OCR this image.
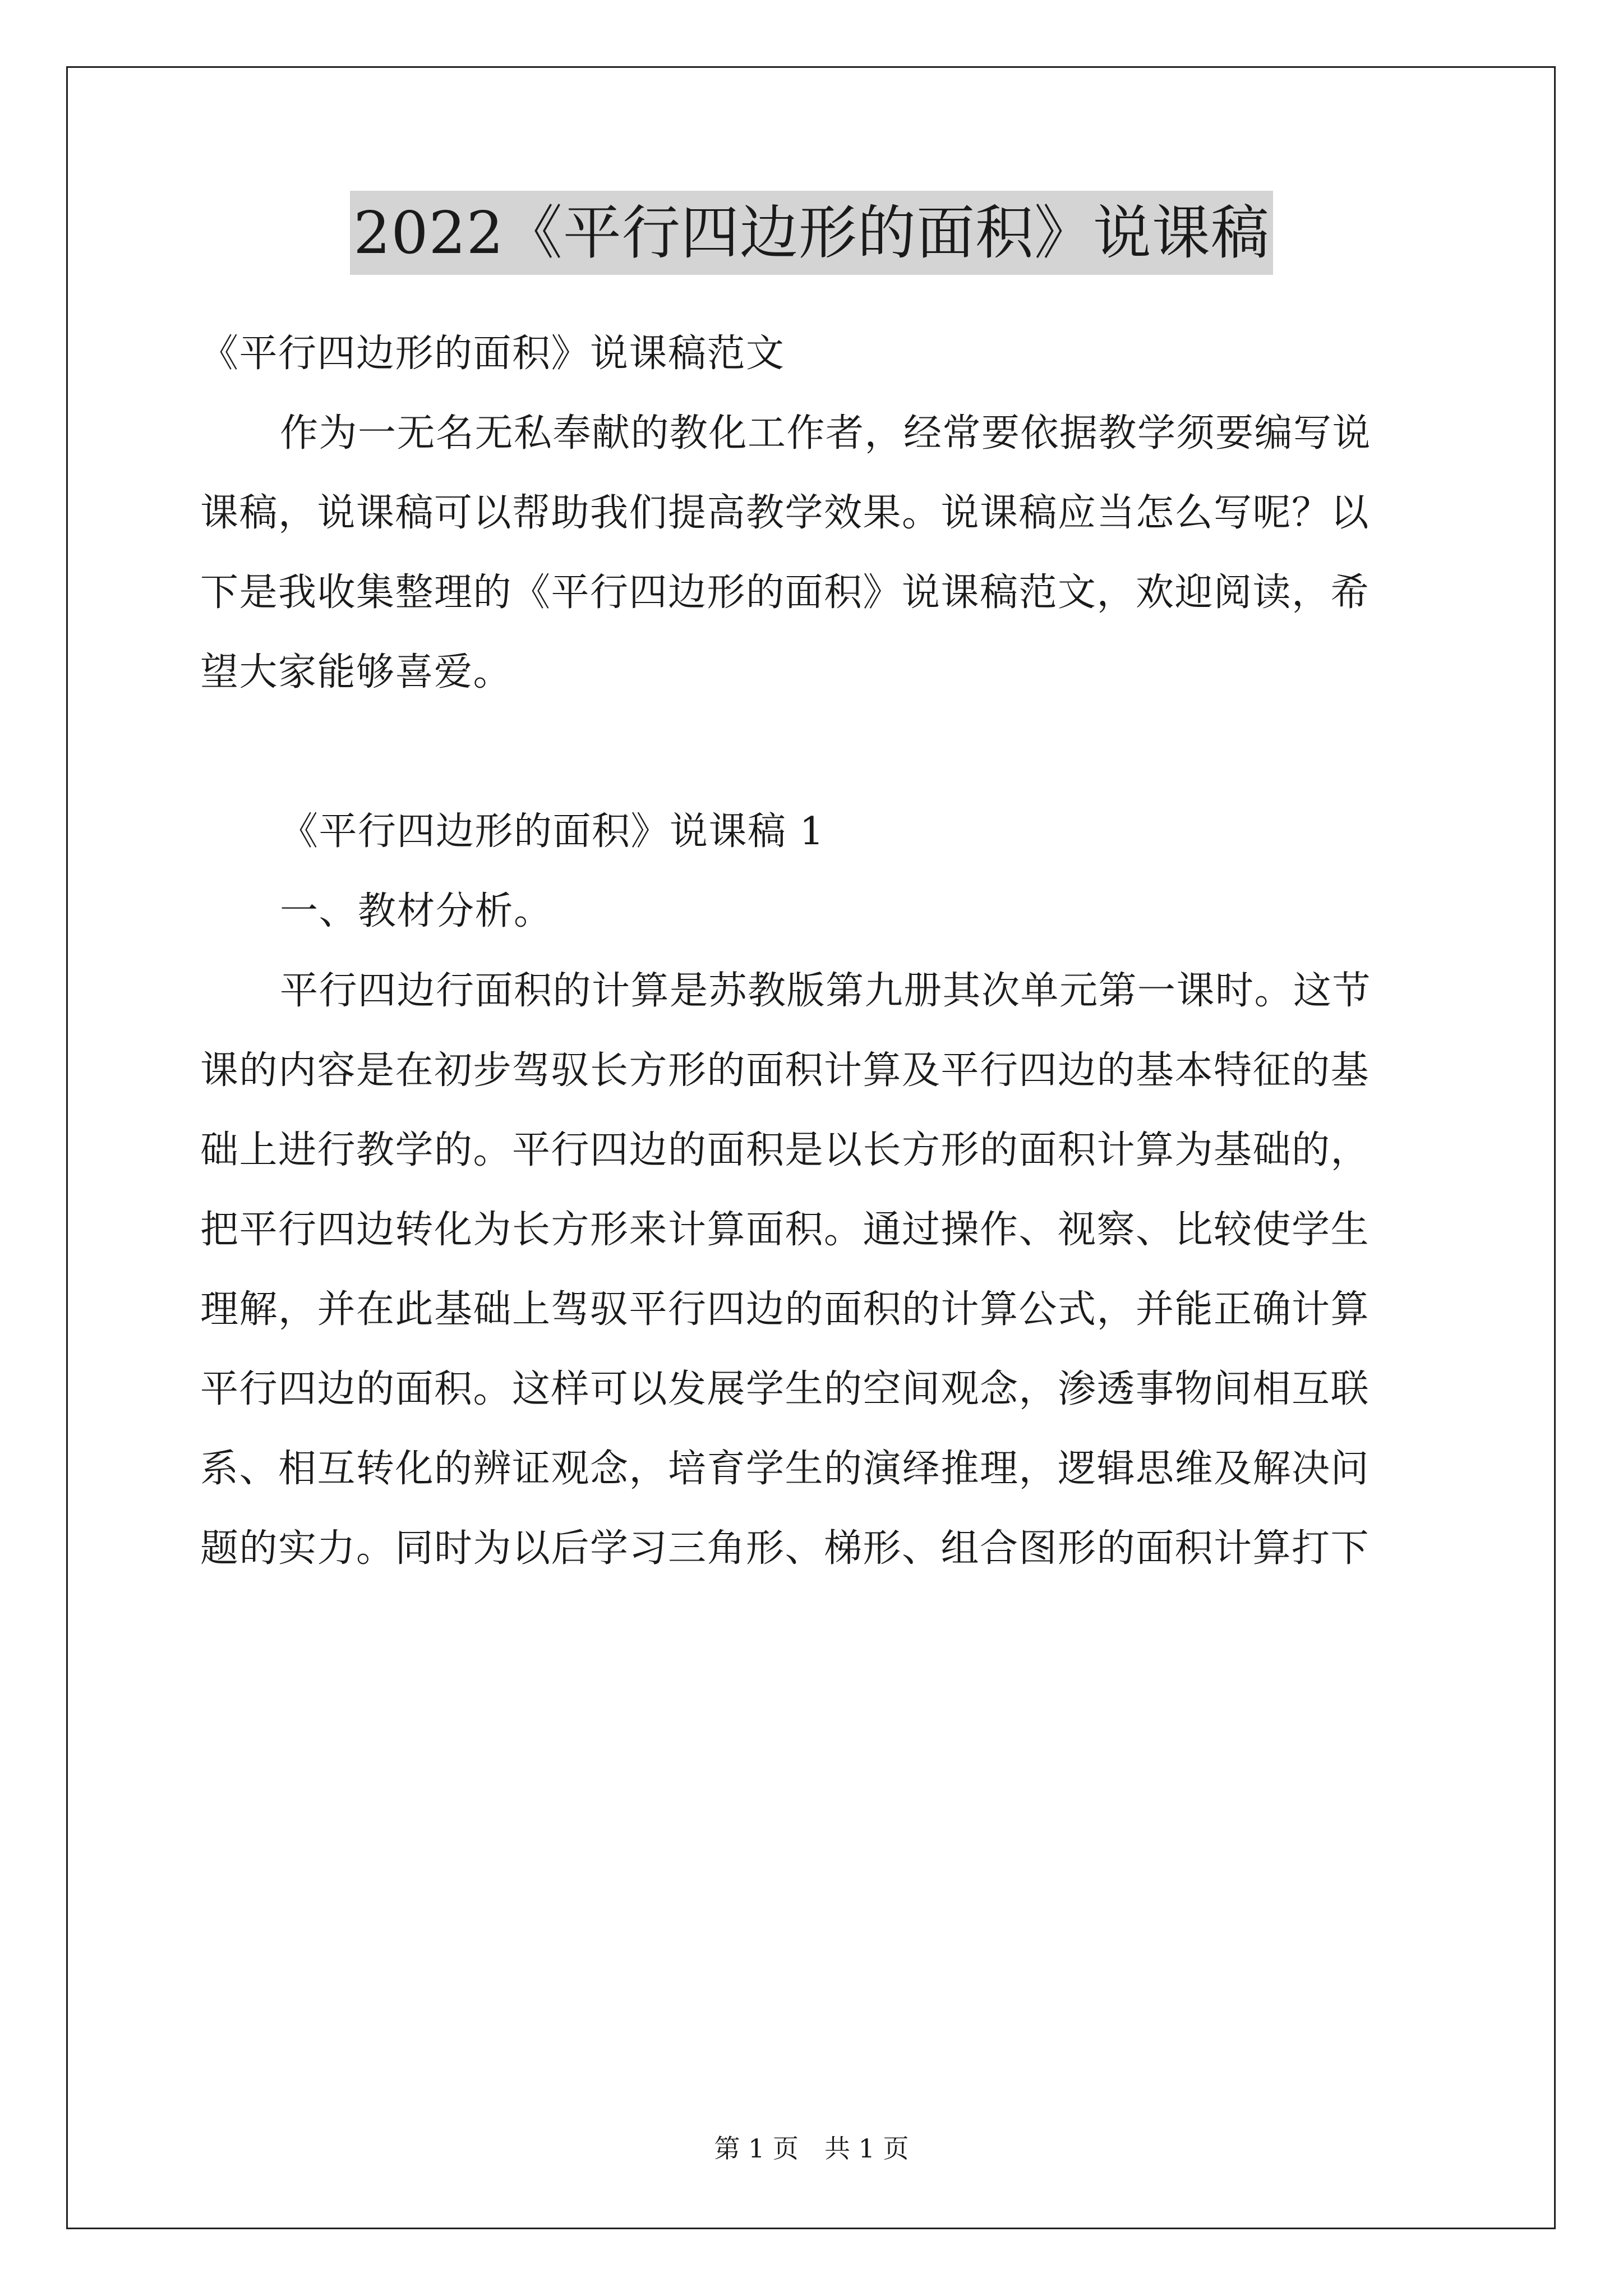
2022《平行四边形的面积》说课稿
《平行四边形的面积》说课稿范文
作为一无名无私奉献的教化工作者，经常要依据教学须要编写说
课稿，说课稿可以帮助我们提高教学效果。说课稿应当怎么写呢？以
下是我收集整理的《平行四边形的面积》说课稿范文，欢迎阅读，希
望大家能够喜爱。
《平行四边形的面积》说课稿 1
一、教材分析。
平行四边行面积的计算是苏教版第九册其次单元第一课时。这节
课的内容是在初步驾驭长方形的面积计算及平行四边的基本特征的基
础上进行教学的。平行四边的面积是以长方形的面积计算为基础的，
把平行四边转化为长方形来计算面积。通过操作、视察、比较使学生
理解，并在此基础上驾驭平行四边的面积的计算公式，并能正确计算
平行四边的面积。这样可以发展学生的空间观念，渗透事物间相互联
系、相互转化的辨证观念，培育学生的演绎推理，逻辑思维及解决问
题的实力。同时为以后学习三角形、梯形、组合图形的面积计算打下
第 1 页　共 1 页
